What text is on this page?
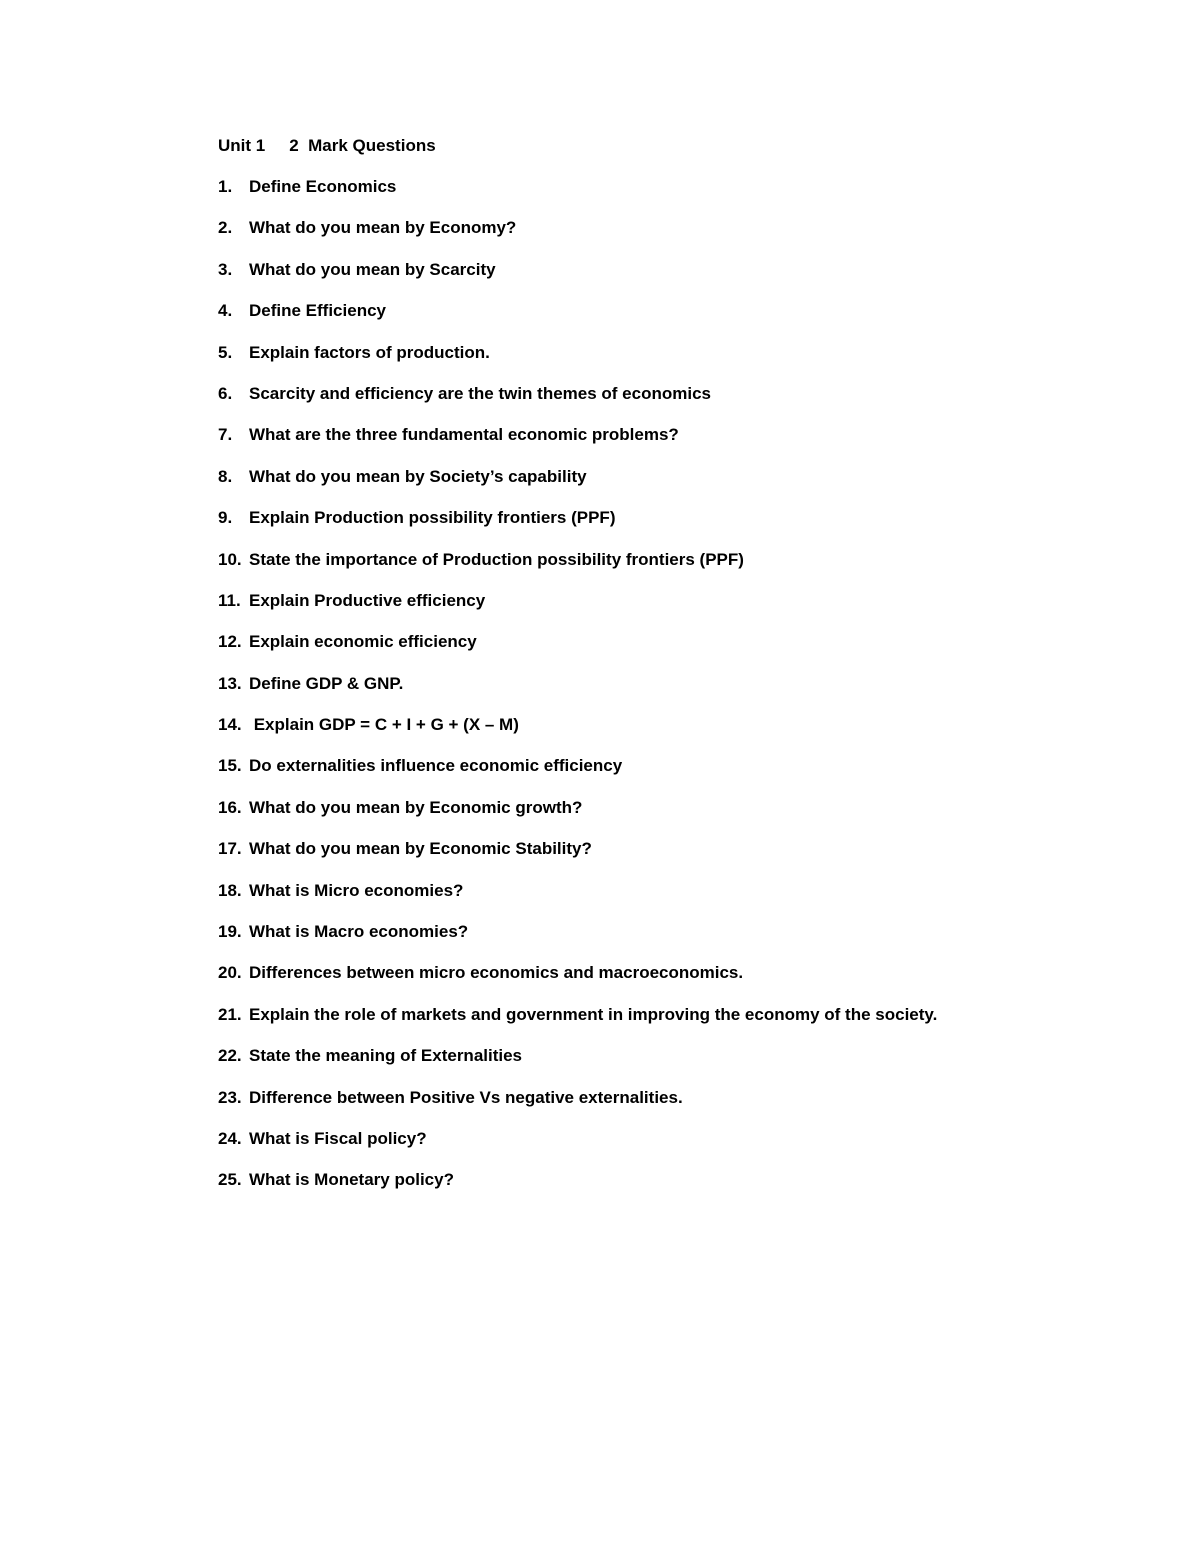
Unit 1 2  Mark Questions
1. Define Economics
2. What do you mean by Economy?
3. What do you mean by Scarcity
4. Define Efficiency
5. Explain factors of production.
6. Scarcity and efficiency are the twin themes of economics
7. What are the three fundamental economic problems?
8. What do you mean by Society’s capability
9. Explain Production possibility frontiers (PPF)
10. State the importance of Production possibility frontiers (PPF)
11. Explain Productive efficiency
12. Explain economic efficiency
13. Define GDP & GNP.
14. Explain GDP = C + I + G + (X – M)
15. Do externalities influence economic efficiency
16. What do you mean by Economic growth?
17. What do you mean by Economic Stability?
18. What is Micro economies?
19. What is Macro economies?
20. Differences between micro economics and macroeconomics.
21. Explain the role of markets and government in improving the economy of the society.
22. State the meaning of Externalities
23. Difference between Positive Vs negative externalities.
24. What is Fiscal policy?
25. What is Monetary policy?
